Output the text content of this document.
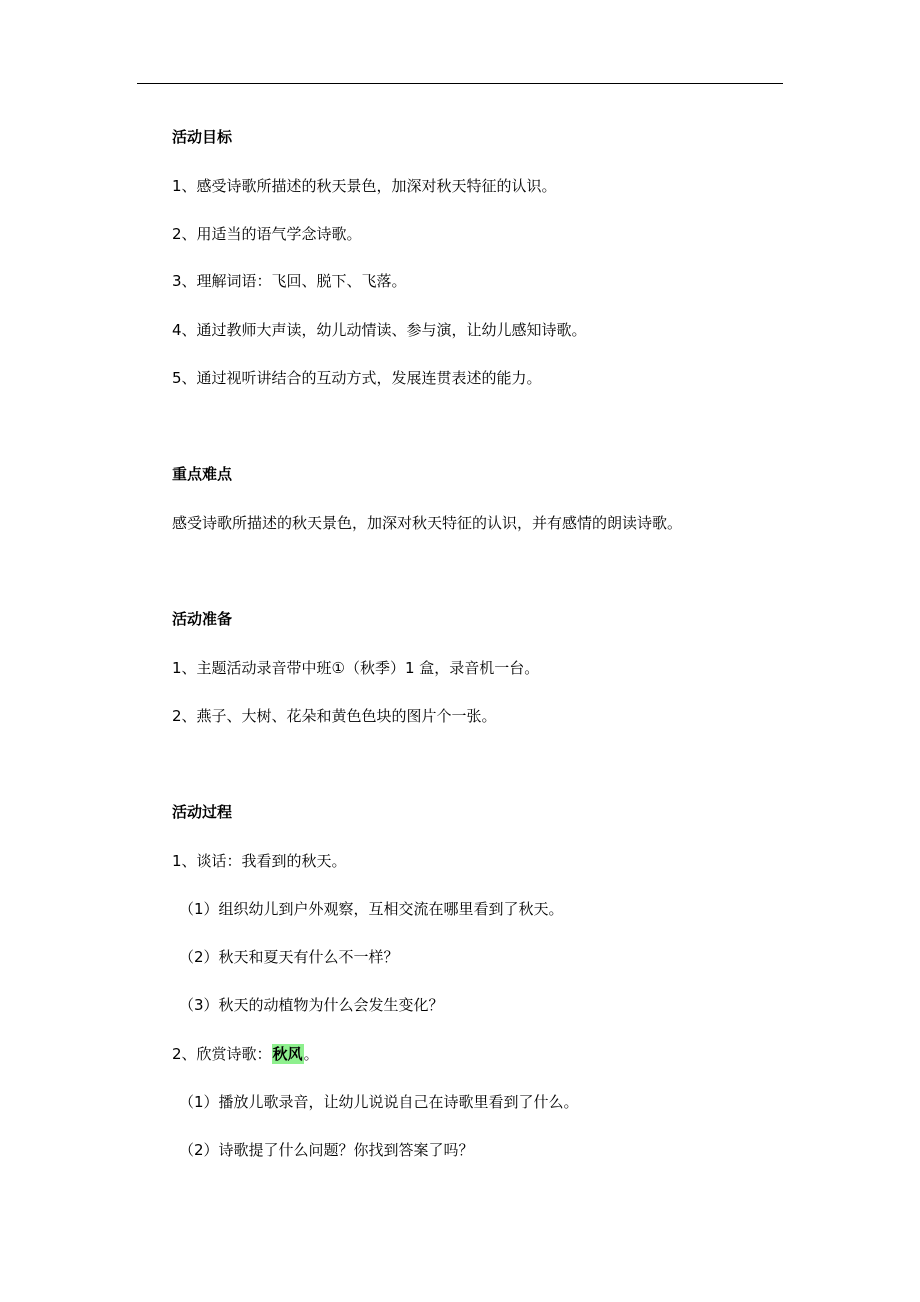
活动目标
1、感受诗歌所描述的秋天景色，加深对秋天特征的认识。
2、用适当的语气学念诗歌。
3、理解词语：飞回、脱下、飞落。
4、通过教师大声读，幼儿动情读、参与演，让幼儿感知诗歌。
5、通过视听讲结合的互动方式，发展连贯表述的能力。
重点难点
感受诗歌所描述的秋天景色，加深对秋天特征的认识，并有感情的朗读诗歌。
活动准备
1、主题活动录音带中班①（秋季）1 盒，录音机一台。
2、燕子、大树、花朵和黄色色块的图片个一张。
活动过程
1、谈话：我看到的秋天。
（1）组织幼儿到户外观察，互相交流在哪里看到了秋天。
（2）秋天和夏天有什么不一样？
（3）秋天的动植物为什么会发生变化？
2、欣赏诗歌：秋风。
（1）播放儿歌录音，让幼儿说说自己在诗歌里看到了什么。
（2）诗歌提了什么问题？你找到答案了吗？
